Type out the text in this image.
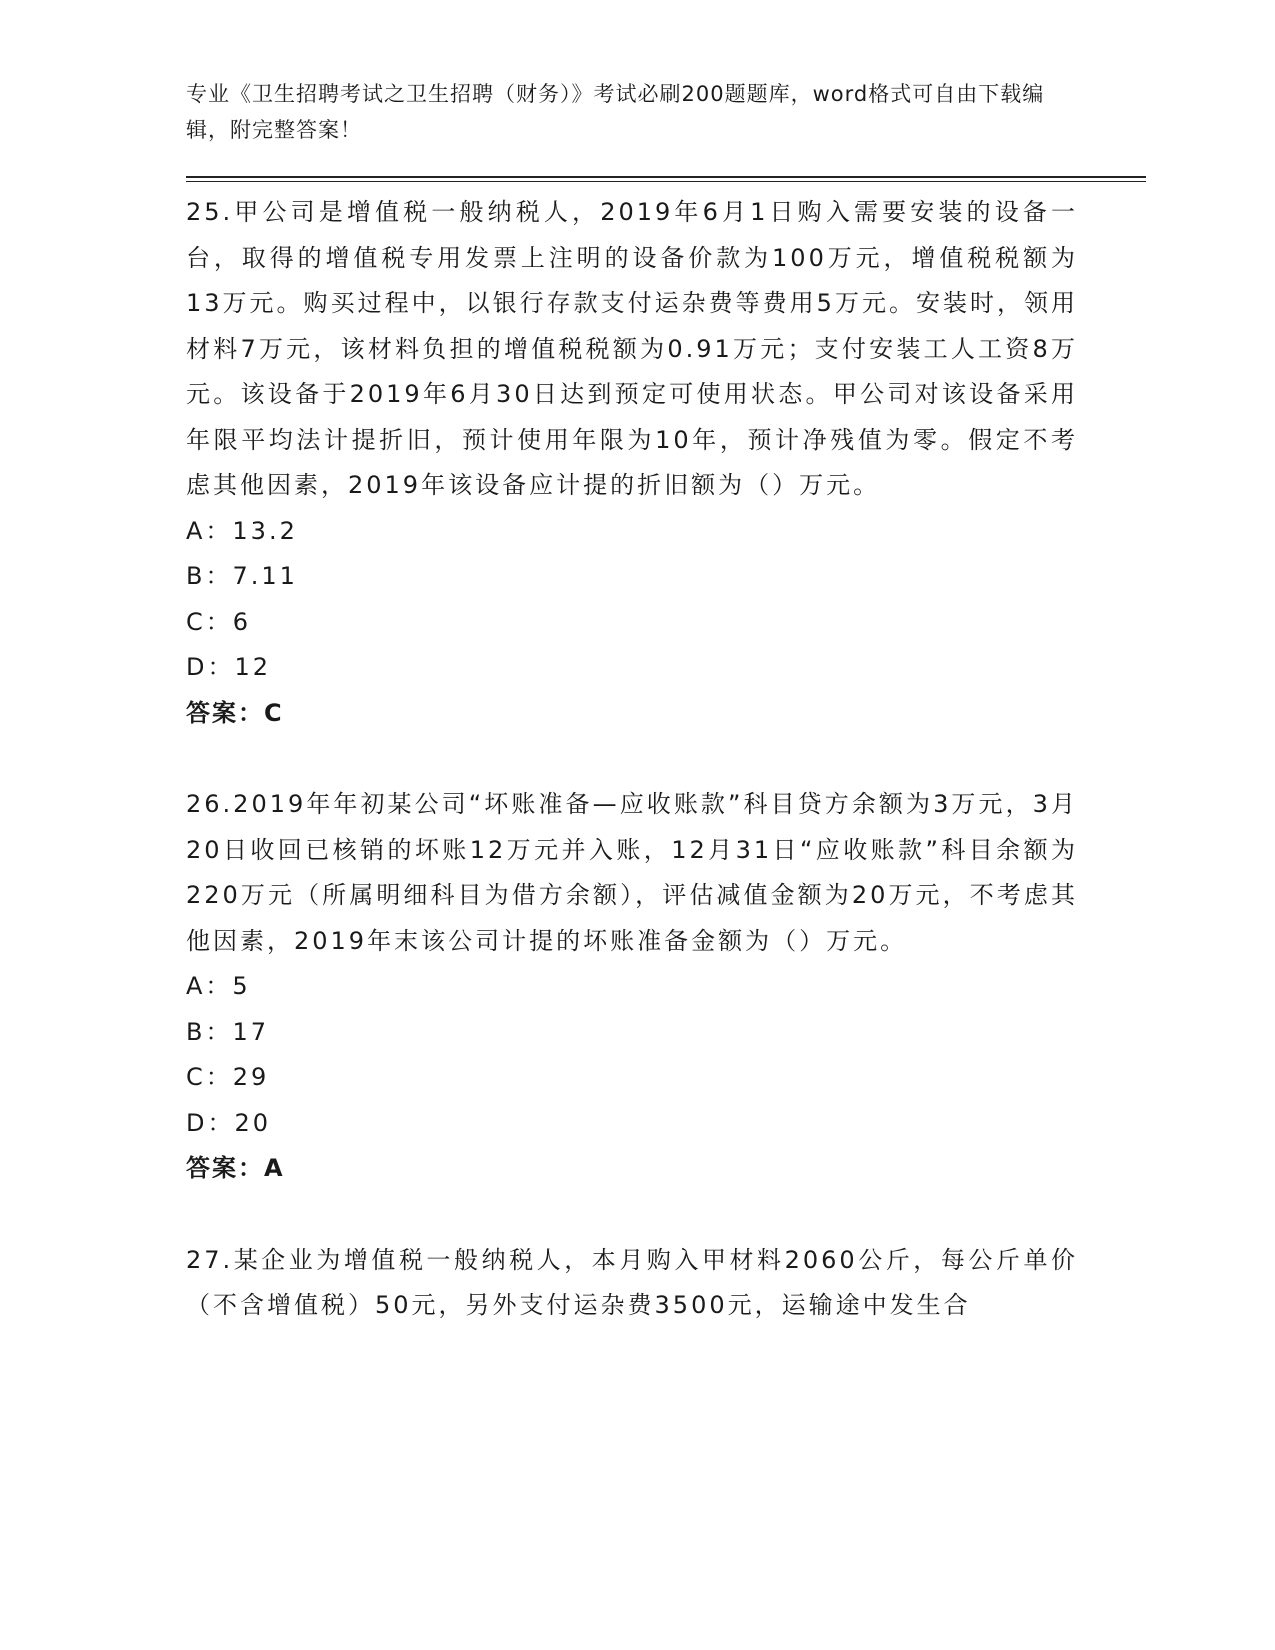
专业《卫生招聘考试之卫生招聘（财务）》考试必刷200题题库，word格式可自由下载编辑，附完整答案！

25.甲公司是增值税一般纳税人，2019年6月1日购入需要安装的设备一台，取得的增值税专用发票上注明的设备价款为100万元，增值税税额为13万元。购买过程中，以银行存款支付运杂费等费用5万元。安装时，领用材料7万元，该材料负担的增值税税额为0.91万元；支付安装工人工资8万元。该设备于2019年6月30日达到预定可使用状态。甲公司对该设备采用年限平均法计提折旧，预计使用年限为10年，预计净残值为零。假定不考虑其他因素，2019年该设备应计提的折旧额为（）万元。

A：13.2

B：7.11

C：6

D：12

答案：C

26.2019年年初某公司“坏账准备—应收账款”科目贷方余额为3万元，3月20日收回已核销的坏账12万元并入账，12月31日“应收账款”科目余额为220万元（所属明细科目为借方余额），评估减值金额为20万元，不考虑其他因素，2019年末该公司计提的坏账准备金额为（）万元。

A：5

B：17

C：29

D：20

答案：A

27.某企业为增值税一般纳税人，本月购入甲材料2060公斤，每公斤单价（不含增值税）50元，另外支付运杂费3500元，运输途中发生合
